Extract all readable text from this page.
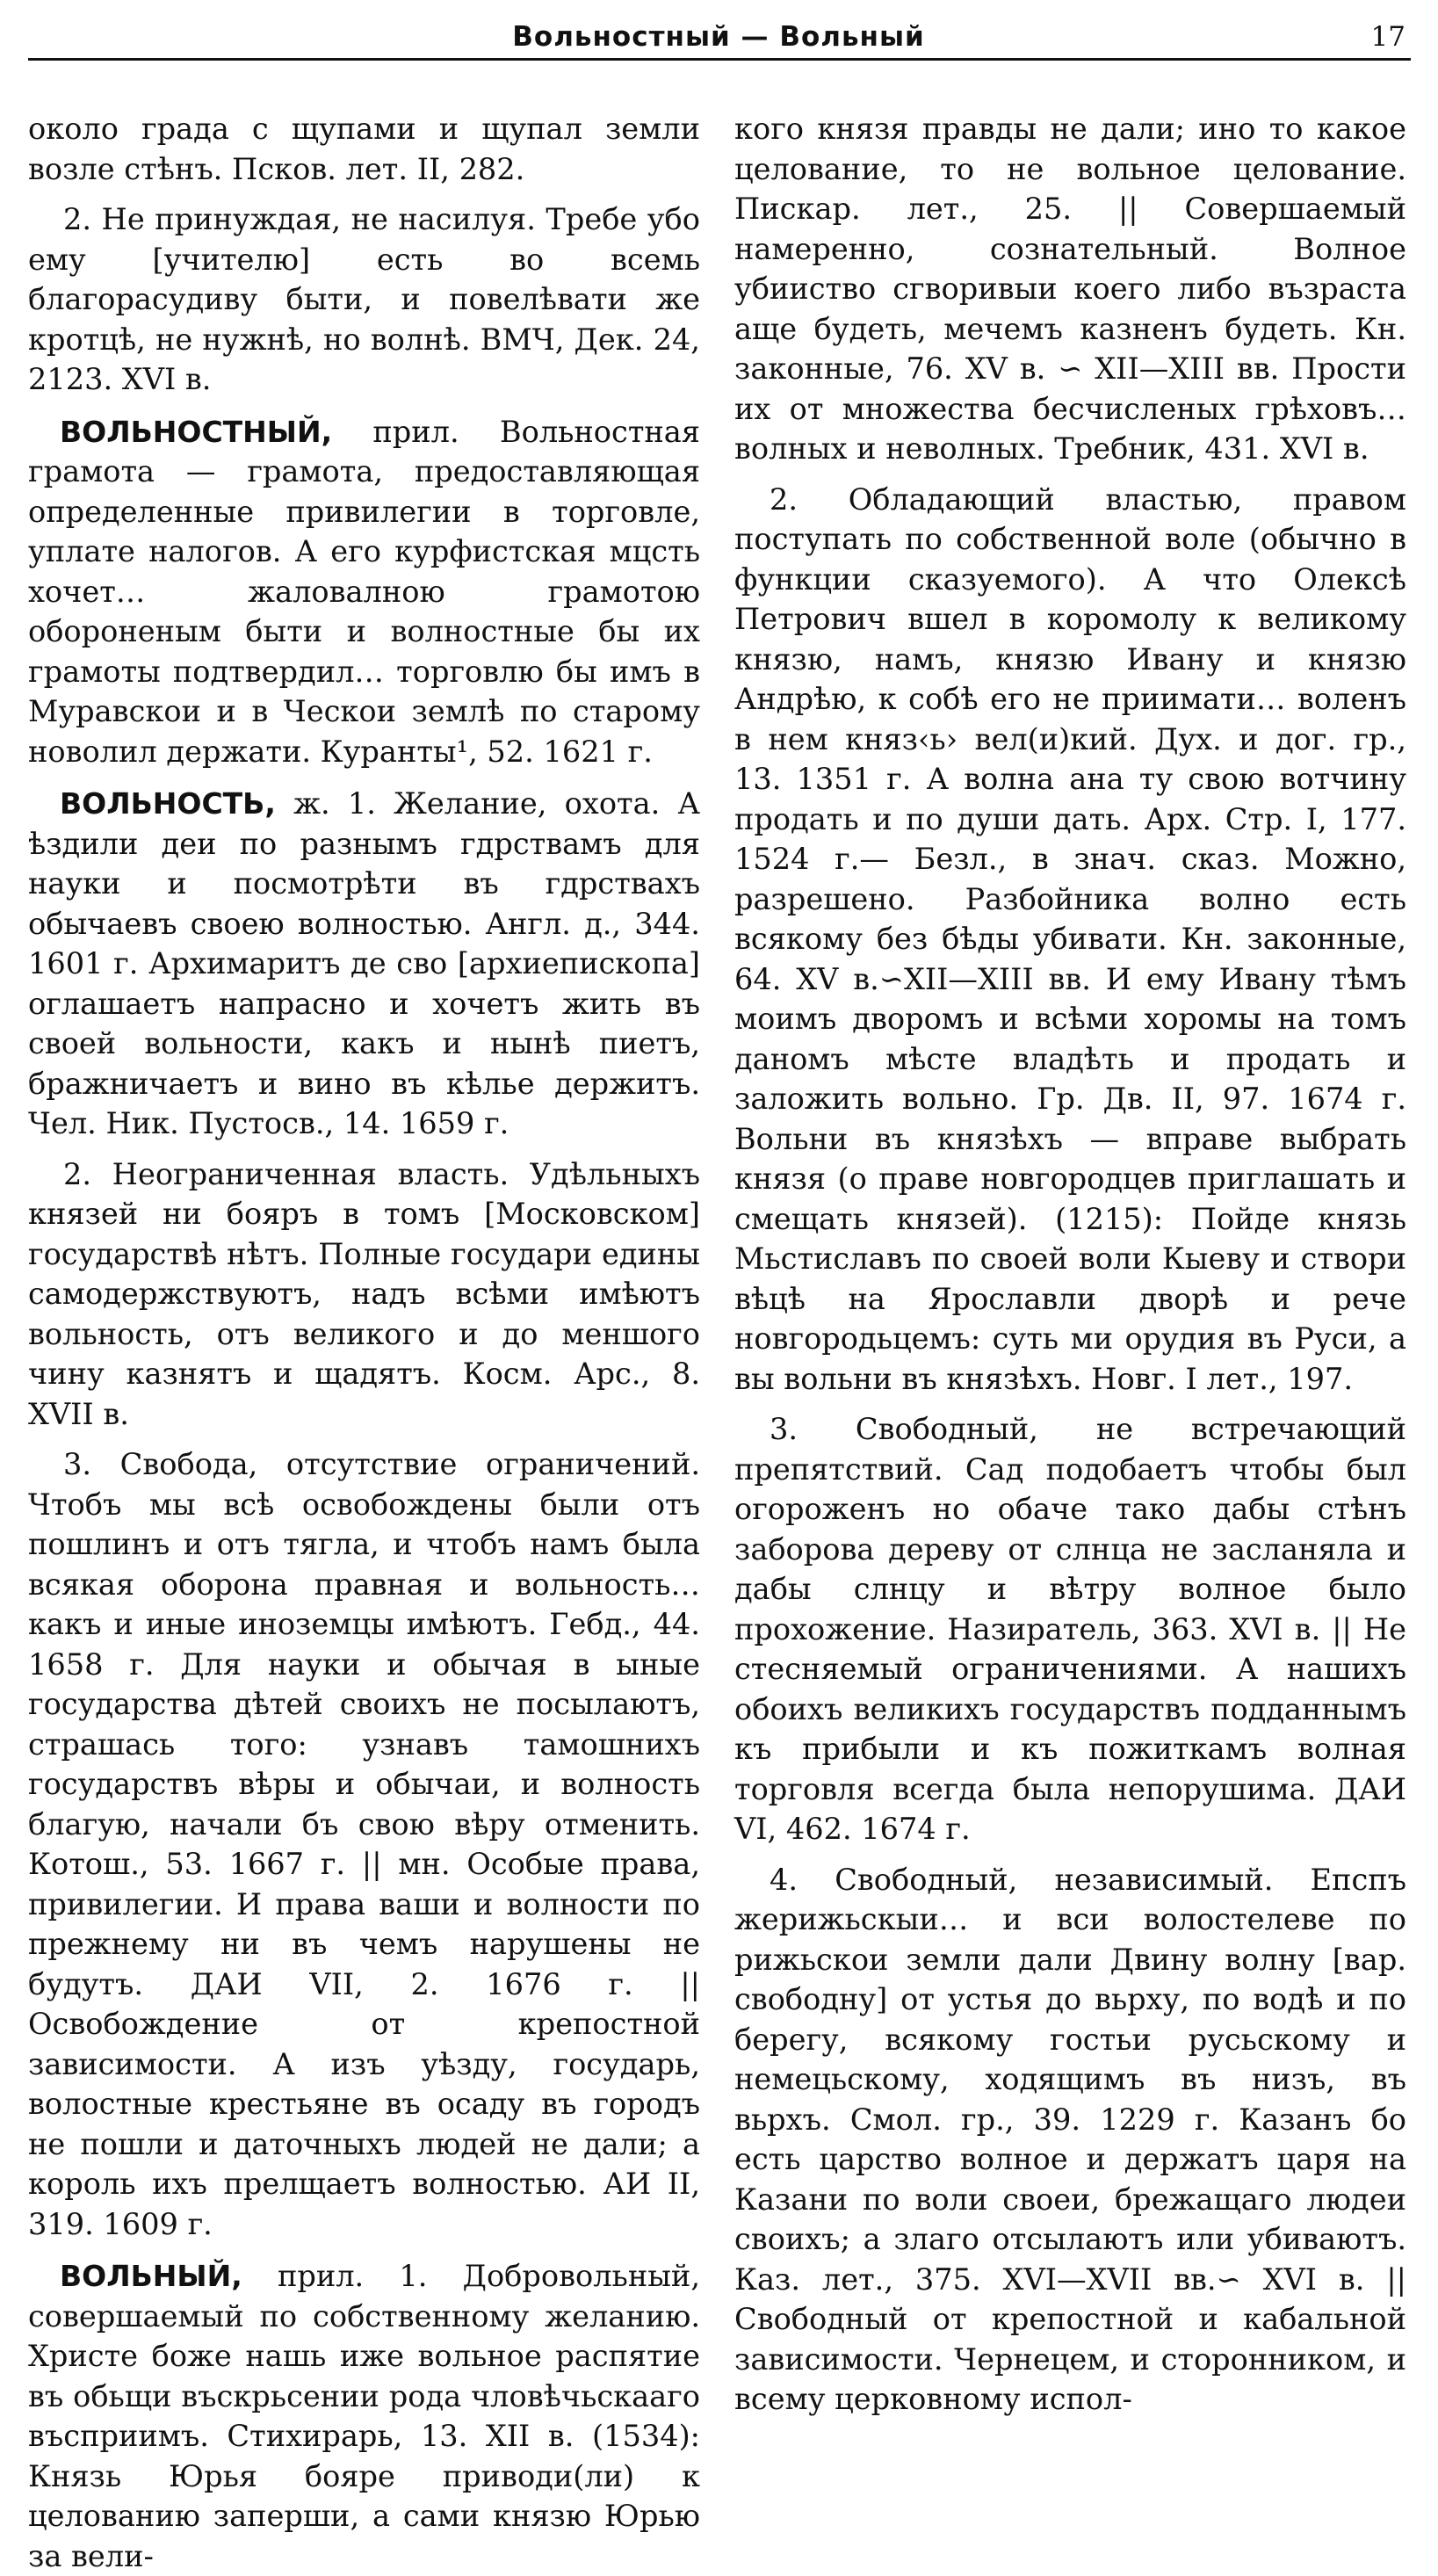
Вольностный — Вольный	17

около града с щупами и щупал земли возле стѣнъ. Псков. лет. II, 282.

2. Не принуждая, не насилуя. Требе убо ему [учителю] есть во всемь благорасудиву быти, и повелѣвати же кротцѣ, не нужнѣ, но волнѣ. ВМЧ, Дек. 24, 2123. XVI в.

ВОЛЬНОСТНЫЙ, прил. Вольностная грамота — грамота, предоставляющая определенные привилегии в торговле, уплате налогов. А его курфистская мцсть хочет… жаловалною грамотою обороненым быти и волностные бы их грамоты подтвердил… торговлю бы имъ в Муравскои и в Ческои землѣ по старому новолил держати. Куранты¹, 52. 1621 г.

ВОЛЬНОСТЬ, ж. 1. Желание, охота. А ѣздили деи по разнымъ гдрствамъ для науки и посмотрѣти въ гдрствахъ обычаевъ своею волностью. Англ. д., 344. 1601 г. Архимаритъ де сво [архиепископа] оглашаетъ напрасно и хочетъ жить въ своей вольности, какъ и нынѣ пиетъ, бражничаетъ и вино въ кѣлье держитъ. Чел. Ник. Пустосв., 14. 1659 г.

2. Неограниченная власть. Удѣльныхъ князей ни бояръ в томъ [Московском] государствѣ нѣтъ. Полные государи едины самодержствуютъ, надъ всѣми имѣютъ вольность, отъ великого и до меншого чину казнятъ и щадятъ. Косм. Арс., 8. XVII в.

3. Свобода, отсутствие ограничений. Чтобъ мы всѣ освобождены были отъ пошлинъ и отъ тягла, и чтобъ намъ была всякая оборона правная и вольность… какъ и иные иноземцы имѣютъ. Гебд., 44. 1658 г. Для науки и обычая в ыные государства дѣтей своихъ не посылаютъ, страшась того: узнавъ тамошнихъ государствъ вѣры и обычаи, и волность благую, начали бъ свою вѣру отменить. Котош., 53. 1667 г. || мн. Особые права, привилегии. И права ваши и волности по прежнему ни въ чемъ нарушены не будутъ. ДАИ VII, 2. 1676 г. || Освобождение от крепостной зависимости. А изъ уѣзду, государь, волостные крестьяне въ осаду въ городъ не пошли и даточныхъ людей не дали; а король ихъ прелщаетъ волностью. АИ II, 319. 1609 г.

ВОЛЬНЫЙ, прил. 1. Добровольный, совершаемый по собственному желанию. Христе боже нашь иже вольное распятие въ обьщи въскрьсении рода чловѣчьскааго въсприимъ. Стихирарь, 13. XII в. (1534): Князь Юрья бояре приводи(ли) к целованию заперши, а сами князю Юрью за вели-

кого князя правды не дали; ино то какое целование, то не вольное целование. Пискар. лет., 25. || Совершаемый намеренно, сознательный. Волное убииство сгворивыи коего либо възраста аще будеть, мечемъ казненъ будеть. Кн. законные, 76. XV в. ∽ XII—XIII вв. Прости их от множества бесчисленых грѣховъ… волных и неволных. Требник, 431. XVI в.

2. Обладающий властью, правом поступать по собственной воле (обычно в функции сказуемого). А что Олексѣ Петрович вшел в коромолу к великому князю, намъ, князю Ивану и князю Андрѣю, к собѣ его не приимати… воленъ в нем княз‹ь› вел(и)кий. Дух. и дог. гр., 13. 1351 г. А волна ана ту свою вотчину продать и по души дать. Арх. Стр. I, 177. 1524 г.— Безл., в знач. сказ. Можно, разрешено. Разбойника волно есть всякому без бѣды убивати. Кн. законные, 64. XV в.∽XII—XIII вв. И ему Ивану тѣмъ моимъ дворомъ и всѣми хоромы на томъ даномъ мѣсте владѣть и продать и заложить вольно. Гр. Дв. II, 97. 1674 г. Вольни въ князѣхъ — вправе выбрать князя (о праве новгородцев приглашать и смещать князей). (1215): Пойде князь Мьстиславъ по своей воли Кыеву и створи вѣцѣ на Ярославли дворѣ и рече новгородьцемъ: суть ми орудия въ Руси, а вы вольни въ князѣхъ. Новг. I лет., 197.

3. Свободный, не встречающий препятствий. Сад подобаетъ чтобы был огороженъ но обаче тако дабы стѣнъ заборова дереву от слнца не засланяла и дабы слнцу и вѣтру волное было прохожение. Назиратель, 363. XVI в. || Не стесняемый ограничениями. А нашихъ обоихъ великихъ государствъ подданнымъ къ прибыли и къ пожиткамъ волная торговля всегда была непорушима. ДАИ VI, 462. 1674 г.

4. Свободный, независимый. Епспъ жерижьскыи… и вси волостелеве по рижьскои земли дали Двину волну [вар. свободну] от устья до вьрху, по водѣ и по берегу, всякому гостьи русьскому и немецьскому, ходящимъ въ низъ, въ вьрхъ. Смол. гр., 39. 1229 г. Казанъ бо есть царство волное и держатъ царя на Казани по воли своеи, брежащаго людеи своихъ; а злаго отсылаютъ или убиваютъ. Каз. лет., 375. XVI—XVII вв.∽ XVI в. || Свободный от крепостной и кабальной зависимости. Чернецем, и сторонником, и всему церковному испол-
